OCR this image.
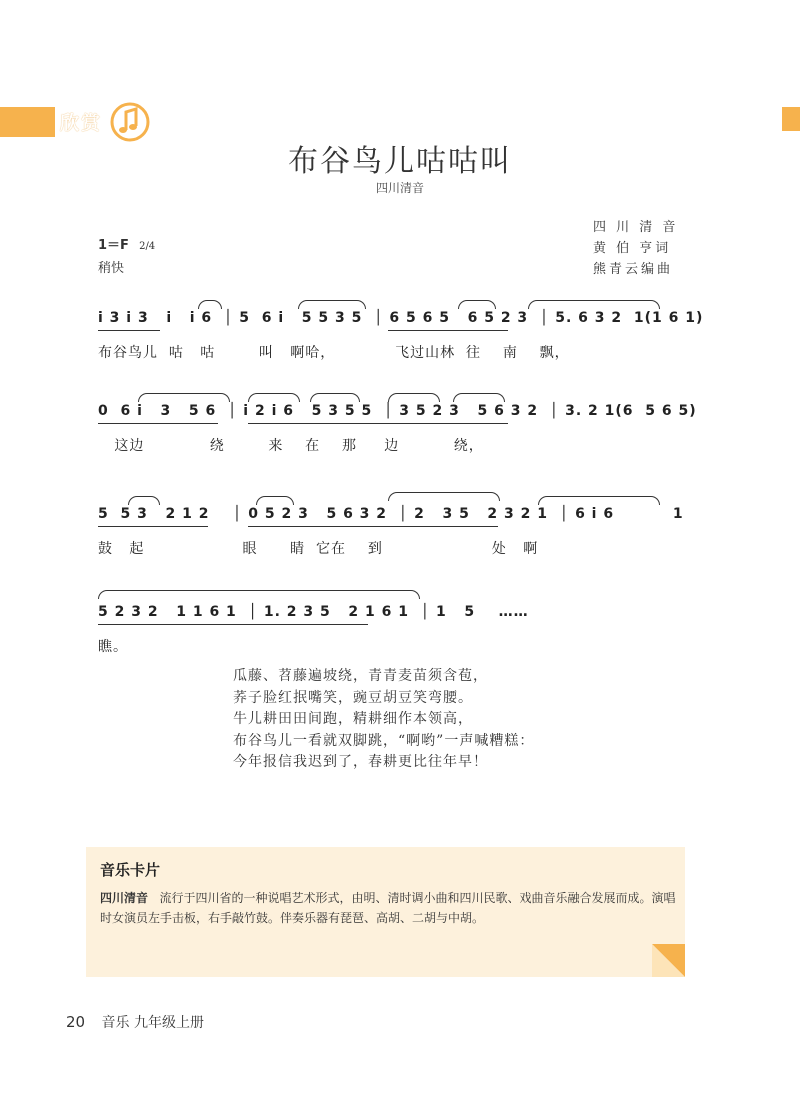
欣赏
布谷鸟儿咕咕叫
四川清音
1＝F 2/4
稍快
四 川 清 音
黄 伯 亨词
熊青云编曲
i 3 i 3   i   i 6  │ 5  6 i   5 5 3 5  │ 6 5 6 5   6 5 2 3  │ 5. 6 3 2  1(1 6 1)
布谷鸟儿  咕   咕        叫   啊哈，           飞过山林  往    南    飘，
0  6 i   3   5 6  │ i 2 i 6   5 3 5 5  │ 3 5 2 3   5 6 3 2  │ 3. 2 1(6  5 6 5)
这边            绕        来    在    那     边          绕，
5  5 3   2 1 2    │ 0 5 2 3   5 6 3 2  │ 2   3 5   2 3 2 1  │ 6 i 6          1
鼓   起                  眼      睛  它在    到                    处   啊
5 2 3 2   1 1 6 1  │ 1. 2 3 5   2 1 6 1  │ 1   5    ……
瞧。
瓜藤、苕藤遍坡绕，青青麦苗须含苞，
荞子脸红抿嘴笑，豌豆胡豆笑弯腰。
牛儿耕田田间跑，精耕细作本领高，
布谷鸟儿一看就双脚跳，“啊哟”一声喊糟糕：
今年报信我迟到了，春耕更比往年早！
音乐卡片
四川清音 流行于四川省的一种说唱艺术形式，由明、清时调小曲和四川民歌、戏曲音乐融合发展而成。演唱时女演员左手击板，右手敲竹鼓。伴奏乐器有琵琶、高胡、二胡与中胡。
20 音乐 九年级上册
